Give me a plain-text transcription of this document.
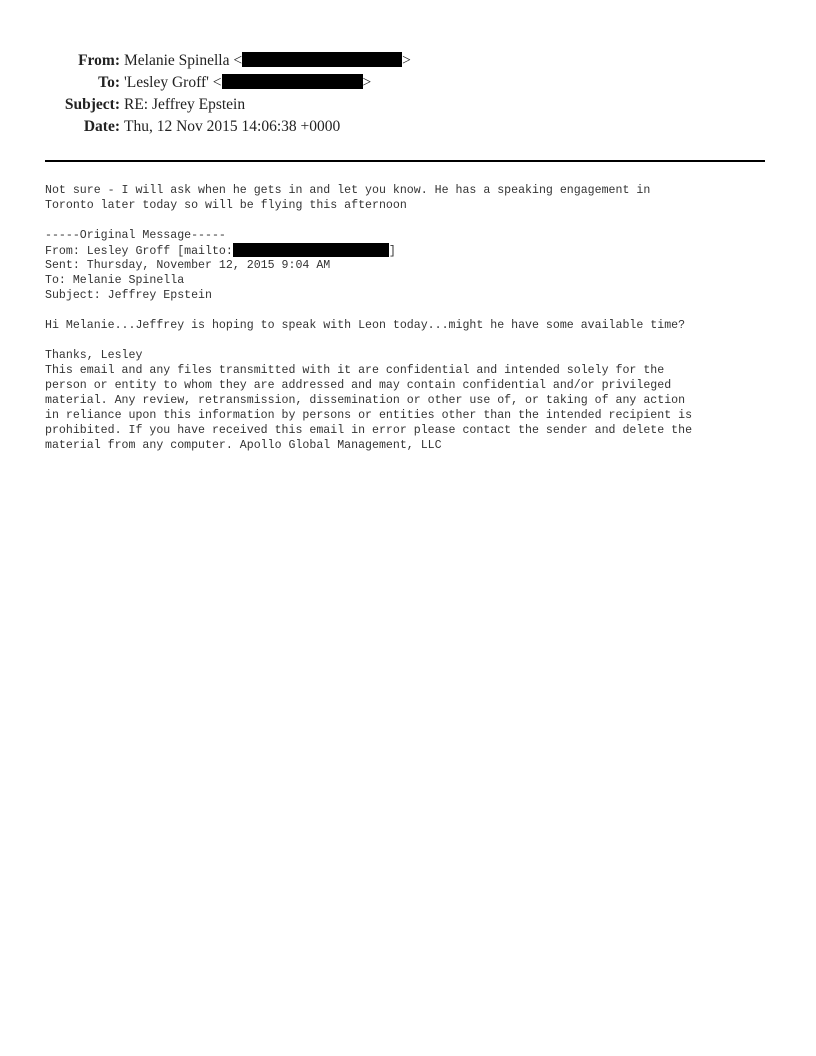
From: Melanie Spinella <	>
To: 'Lesley Groff' <	>
Subject: RE: Jeffrey Epstein
Date: Thu, 12 Nov 2015 14:06:38 +0000
Not sure - I will ask when he gets in and let you know. He has a speaking engagement in
Toronto later today so will be flying this afternoon
-----Original Message-----
From: Lesley Groff [mailto:	]
Sent: Thursday, November 12, 2015 9:04 AM
To: Melanie Spinella
Subject: Jeffrey Epstein
Hi Melanie...Jeffrey is hoping to speak with Leon today...might he have some available time?
Thanks, Lesley
This email and any files transmitted with it are confidential and intended solely for the
person or entity to whom they are addressed and may contain confidential and/or privileged
material. Any review, retransmission, dissemination or other use of, or taking of any action
in reliance upon this information by persons or entities other than the intended recipient is
prohibited. If you have received this email in error please contact the sender and delete the
material from any computer. Apollo Global Management, LLC
